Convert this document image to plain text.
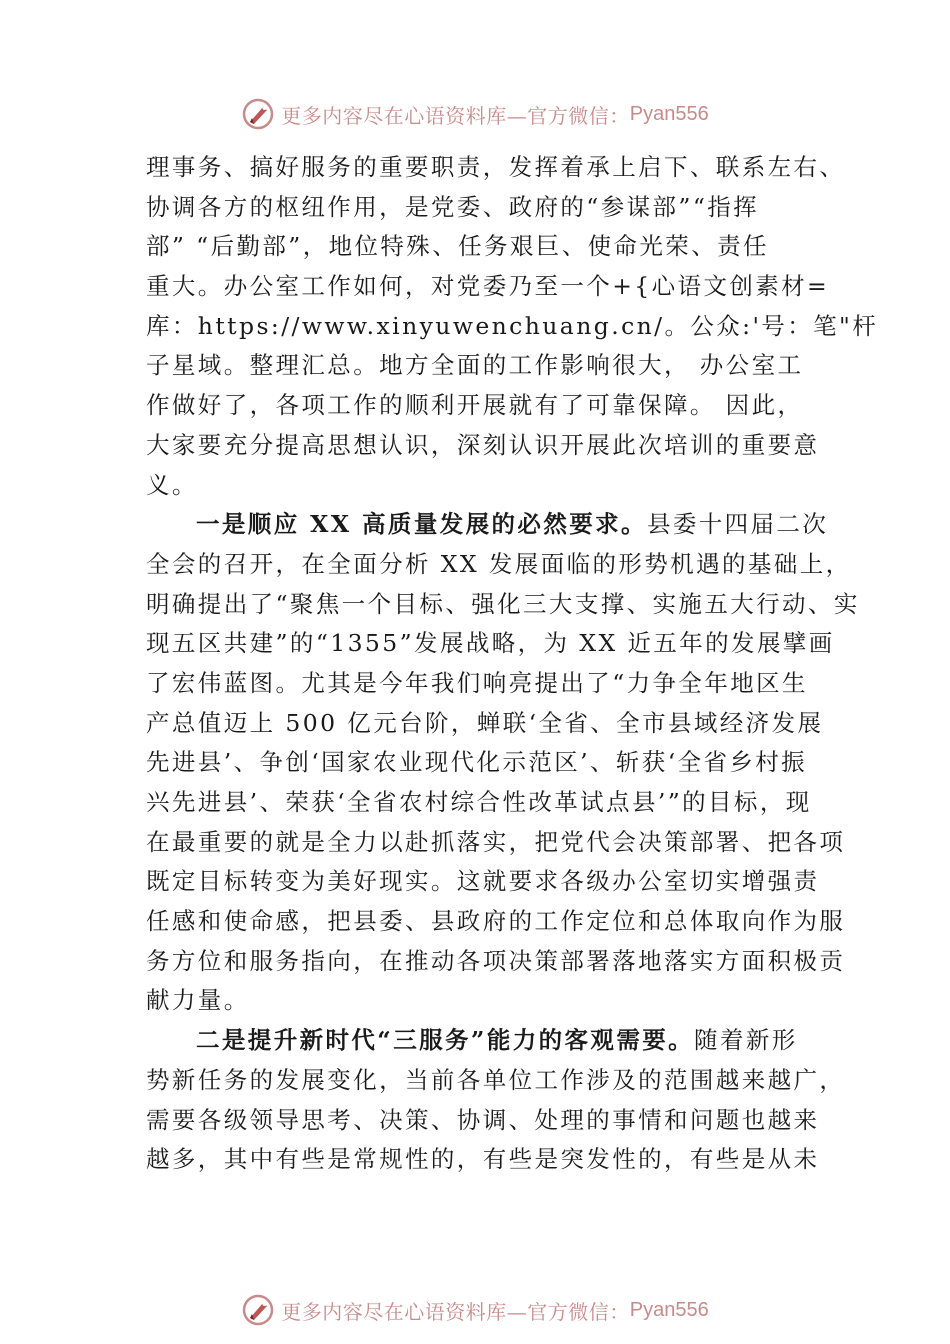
更多内容尽在心语资料库—官方微信： Pyan556
理事务、搞好服务的重要职责，发挥着承上启下、联系左右、
协调各方的枢纽作用，是党委、政府的“参谋部”“指挥
部” “后勤部”，地位特殊、任务艰巨、使命光荣、责任
重大。办公室工作如何，对党委乃至一个+{心语文创素材=
库：https://www.xinyuwenchuang.cn/。公众:'号：笔"杆
子星域。整理汇总。地方全面的工作影响很大， 办公室工
作做好了，各项工作的顺利开展就有了可靠保障。 因此，
大家要充分提高思想认识，深刻认识开展此次培训的重要意
义。
一是顺应 XX 高质量发展的必然要求。县委十四届二次
全会的召开，在全面分析 XX 发展面临的形势机遇的基础上，
明确提出了“聚焦一个目标、强化三大支撑、实施五大行动、实
现五区共建”的“1355”发展战略，为 XX 近五年的发展擘画
了宏伟蓝图。尤其是今年我们响亮提出了“力争全年地区生
产总值迈上 500 亿元台阶，蝉联‘全省、全市县域经济发展
先进县’、争创‘国家农业现代化示范区’、斩获‘全省乡村振
兴先进县’、荣获‘全省农村综合性改革试点县’”的目标，现
在最重要的就是全力以赴抓落实，把党代会决策部署、把各项
既定目标转变为美好现实。这就要求各级办公室切实增强责
任感和使命感，把县委、县政府的工作定位和总体取向作为服
务方位和服务指向，在推动各项决策部署落地落实方面积极贡
献力量。
二是提升新时代“三服务”能力的客观需要。随着新形
势新任务的发展变化，当前各单位工作涉及的范围越来越广，
需要各级领导思考、决策、协调、处理的事情和问题也越来
越多，其中有些是常规性的，有些是突发性的，有些是从未
更多内容尽在心语资料库—官方微信： Pyan556
